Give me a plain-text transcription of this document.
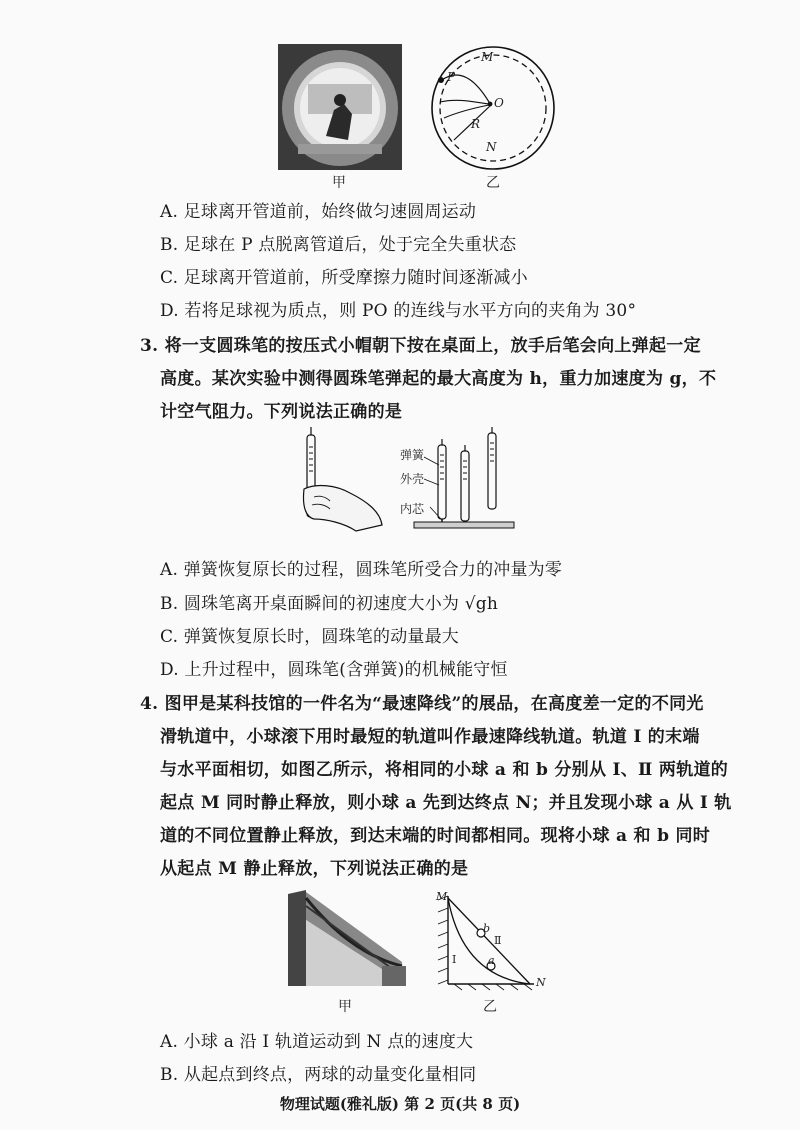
甲
M
P
O
R
N
乙
A. 足球离开管道前，始终做匀速圆周运动
B. 足球在 P 点脱离管道后，处于完全失重状态
C. 足球离开管道前，所受摩擦力随时间逐渐减小
D. 若将足球视为质点，则 PO 的连线与水平方向的夹角为 30°
3. 将一支圆珠笔的按压式小帽朝下按在桌面上，放手后笔会向上弹起一定
高度。某次实验中测得圆珠笔弹起的最大高度为 h，重力加速度为 g，不
计空气阻力。下列说法正确的是
弹簧
外壳
内芯
A. 弹簧恢复原长的过程，圆珠笔所受合力的冲量为零
B. 圆珠笔离开桌面瞬间的初速度大小为 √gh
C. 弹簧恢复原长时，圆珠笔的动量最大
D. 上升过程中，圆珠笔(含弹簧)的机械能守恒
4. 图甲是某科技馆的一件名为“最速降线”的展品，在高度差一定的不同光
滑轨道中，小球滚下用时最短的轨道叫作最速降线轨道。轨道 Ⅰ 的末端
与水平面相切，如图乙所示，将相同的小球 a 和 b 分别从 Ⅰ、Ⅱ 两轨道的
起点 M 同时静止释放，则小球 a 先到达终点 N；并且发现小球 a 从 Ⅰ 轨
道的不同位置静止释放，到达末端的时间都相同。现将小球 a 和 b 同时
从起点 M 静止释放，下列说法正确的是
甲
M
b
Ⅱ
Ⅰ	a
N
乙
A. 小球 a 沿 Ⅰ 轨道运动到 N 点的速度大
B. 从起点到终点，两球的动量变化量相同
物理试题(雅礼版) 第 2 页(共 8 页)
